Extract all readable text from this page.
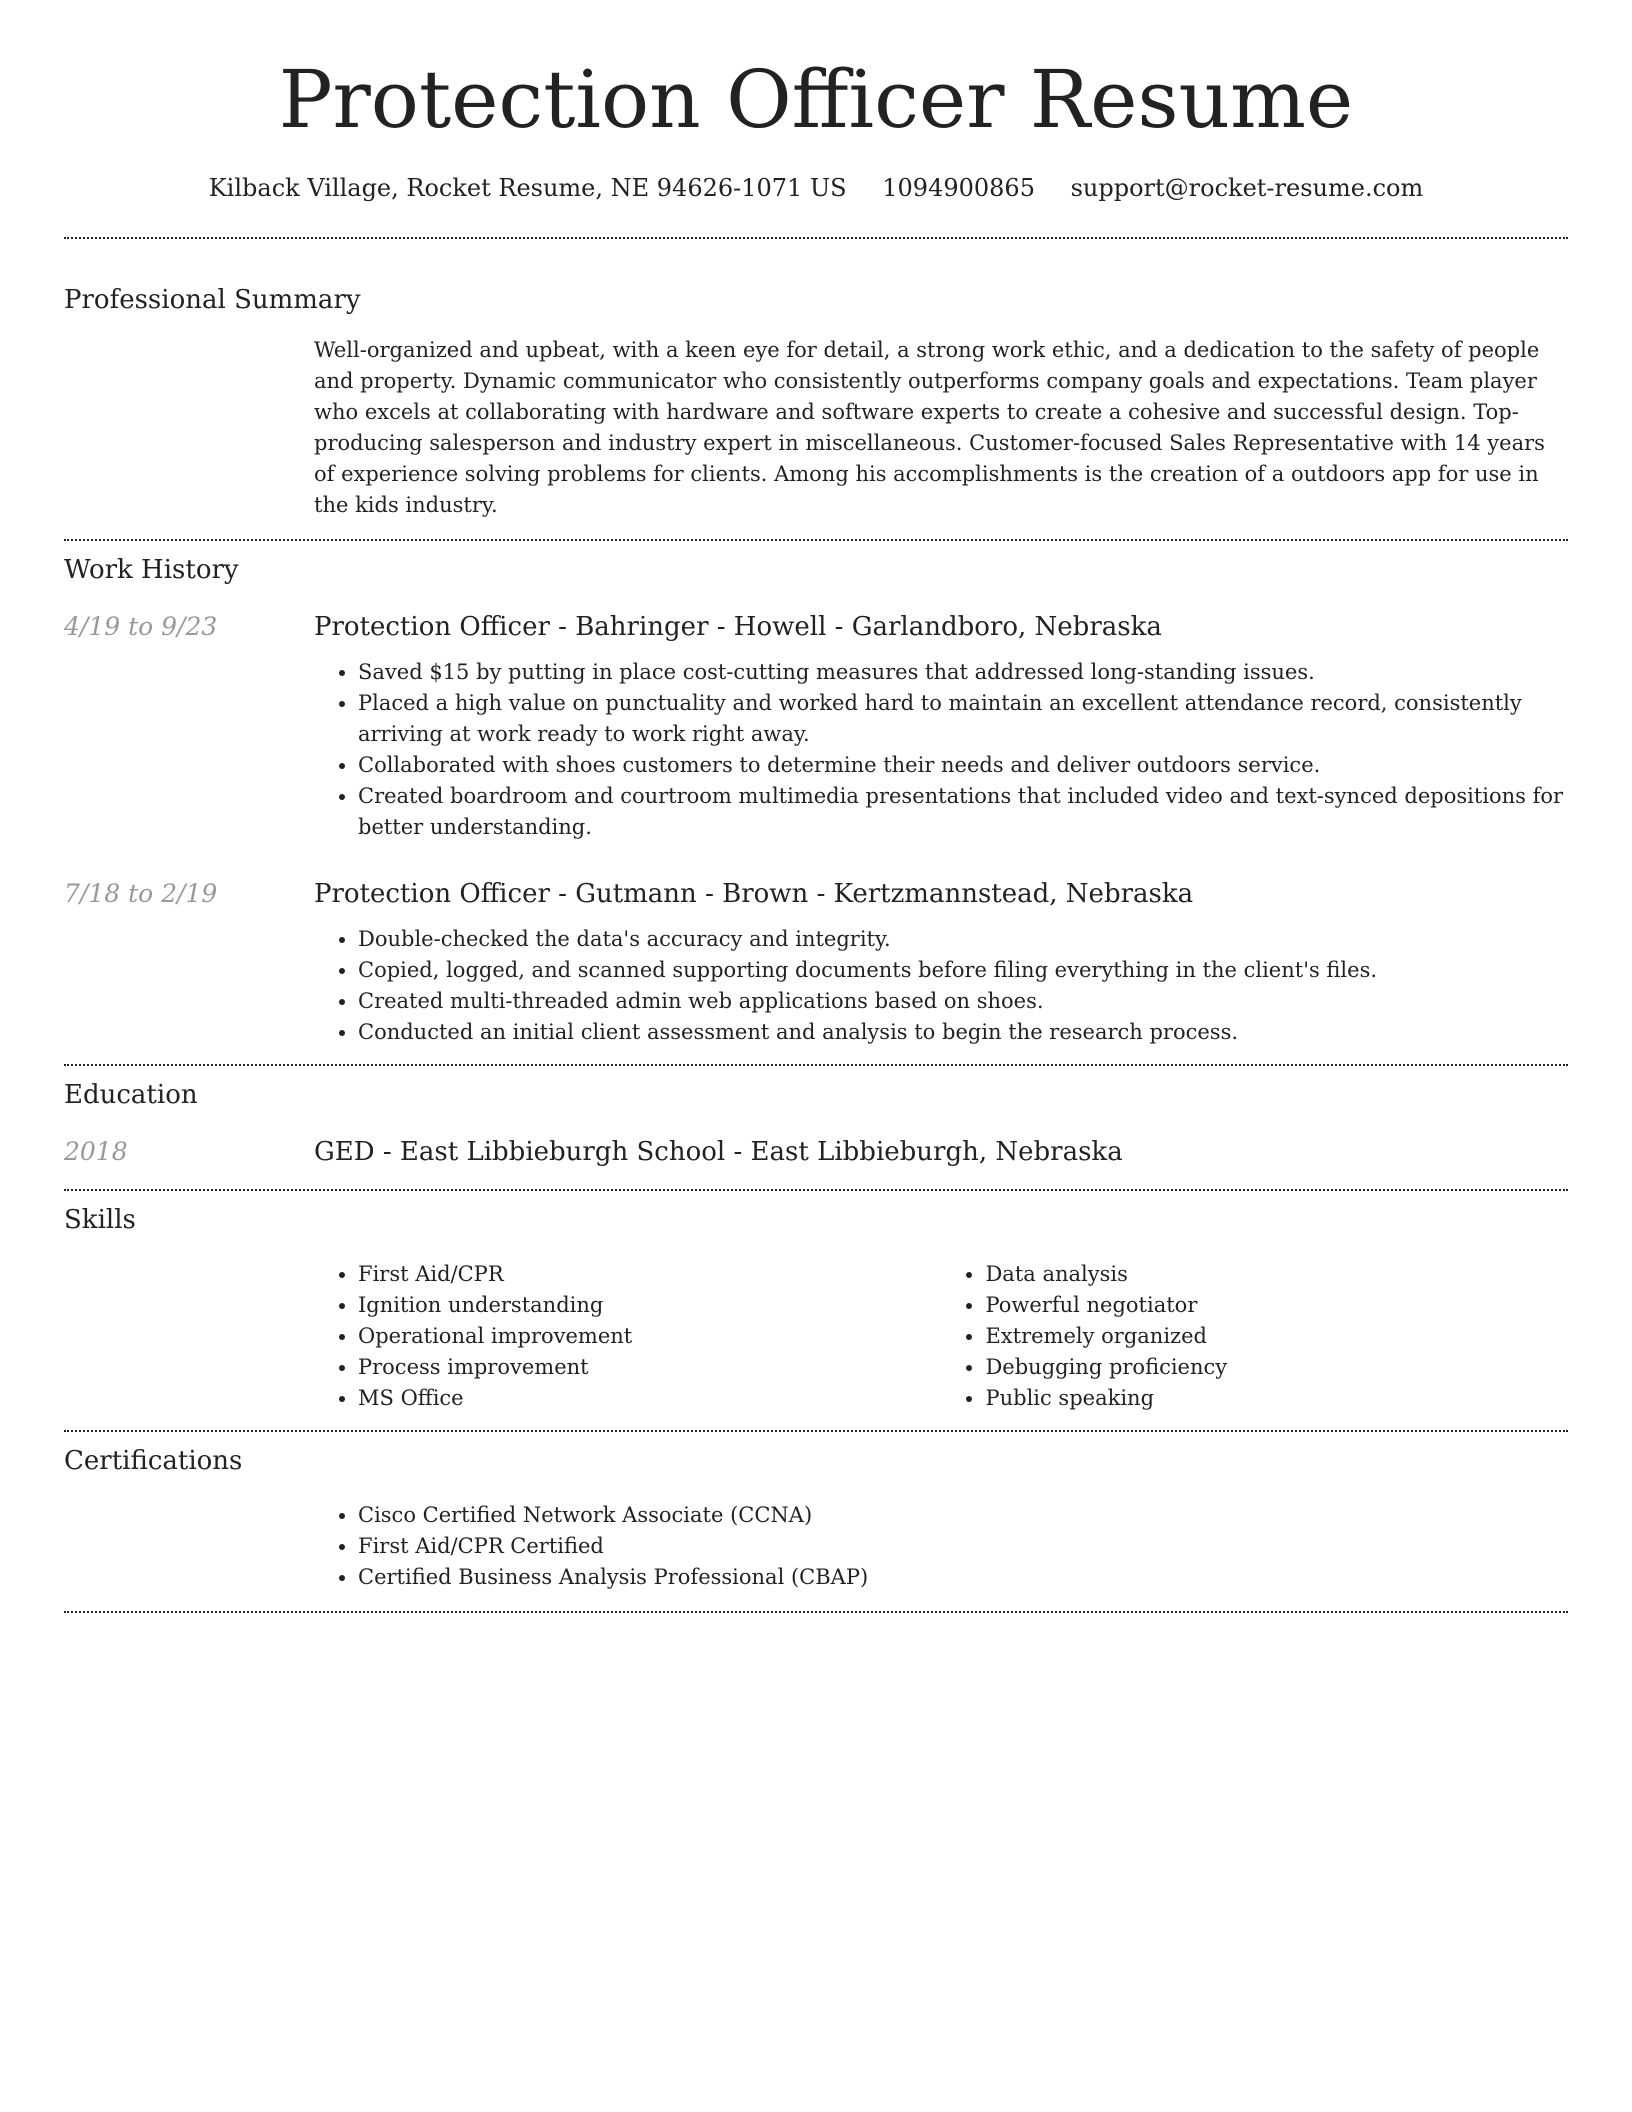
Protection Officer Resume
Kilback Village, Rocket Resume, NE 94626-1071 US 1094900865 support@rocket-resume.com
Professional Summary

Well-organized and upbeat, with a keen eye for detail, a strong work ethic, and a dedication to the safety of people and property. Dynamic communicator who consistently outperforms company goals and expectations. Team player who excels at collaborating with hardware and software experts to create a cohesive and successful design. Top-producing salesperson and industry expert in miscellaneous. Customer-focused Sales Representative with 14 years of experience solving problems for clients. Among his accomplishments is the creation of a outdoors app for use in the kids industry.

Work History
4/19 to 9/23	Protection Officer - Bahringer - Howell - Garlandboro, Nebraska
• Saved $15 by putting in place cost-cutting measures that addressed long-standing issues.
• Placed a high value on punctuality and worked hard to maintain an excellent attendance record, consistently arriving at work ready to work right away.
• Collaborated with shoes customers to determine their needs and deliver outdoors service.
• Created boardroom and courtroom multimedia presentations that included video and text-synced depositions for better understanding.
7/18 to 2/19	Protection Officer - Gutmann - Brown - Kertzmannstead, Nebraska
• Double-checked the data's accuracy and integrity.
• Copied, logged, and scanned supporting documents before filing everything in the client's files.
• Created multi-threaded admin web applications based on shoes.
• Conducted an initial client assessment and analysis to begin the research process.
Education
2018	GED - East Libbieburgh School - East Libbieburgh, Nebraska
Skills
• First Aid/CPR
• Ignition understanding
• Operational improvement
• Process improvement
• MS Office
• Data analysis
• Powerful negotiator
• Extremely organized
• Debugging proficiency
• Public speaking
Certifications
• Cisco Certified Network Associate (CCNA)
• First Aid/CPR Certified
• Certified Business Analysis Professional (CBAP)
